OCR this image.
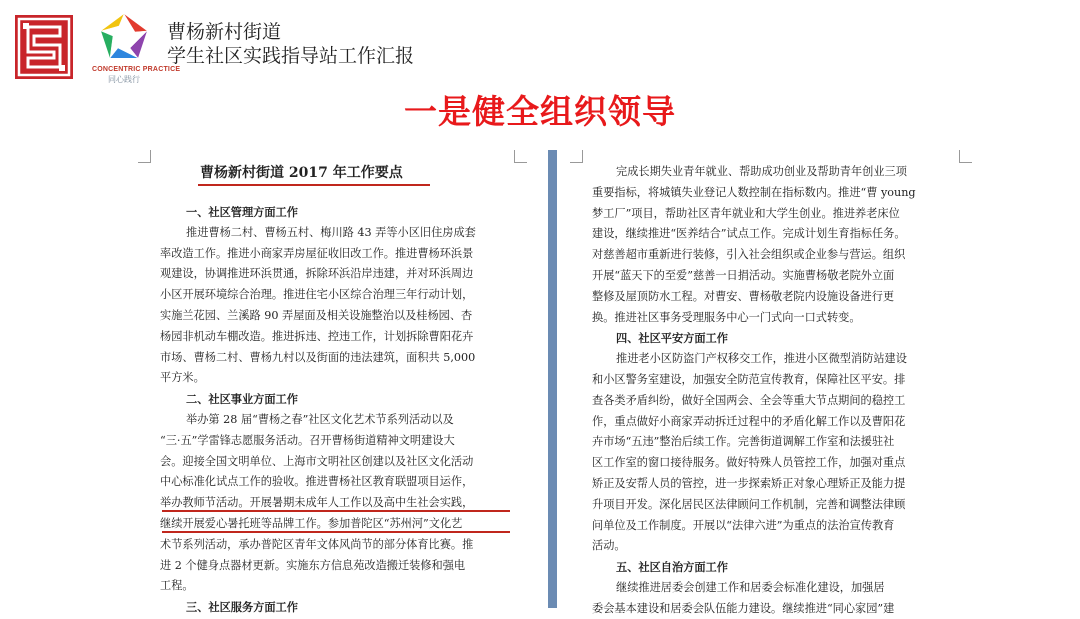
CONCENTRIC PRACTICE
同心践行
曹杨新村街道
学生社区实践指导站工作汇报
一是健全组织领导
曹杨新村街道 2017 年工作要点
一、社区管理方面工作
推进曹杨二村、曹杨五村、梅川路 43 弄等小区旧住房成套
率改造工作。推进小商家弄房屋征收旧改工作。推进曹杨环浜景
观建设，协调推进环浜贯通，拆除环浜沿岸违建，并对环浜周边
小区开展环境综合治理。推进住宅小区综合治理三年行动计划，
实施兰花园、兰溪路 90 弄屋面及相关设施整治以及桂杨园、杏
杨园非机动车棚改造。推进拆违、控违工作，计划拆除曹阳花卉
市场、曹杨二村、曹杨九村以及街面的违法建筑，面积共 5,000
平方米。
二、社区事业方面工作
举办第 28 届“曹杨之春”社区文化艺术节系列活动以及
“三·五”学雷锋志愿服务活动。召开曹杨街道精神文明建设大
会。迎接全国文明单位、上海市文明社区创建以及社区文化活动
中心标准化试点工作的验收。推进曹杨社区教育联盟项目运作，
举办教师节活动。开展暑期未成年人工作以及高中生社会实践，
继续开展爱心暑托班等品牌工作。参加普陀区“苏州河”文化艺
术节系列活动，承办普陀区青年文体风尚节的部分体育比赛。推
进 2 个健身点器材更新。实施东方信息苑改造搬迁装修和强电
工程。
三、社区服务方面工作
完成长期失业青年就业、帮助成功创业及帮助青年创业三项
重要指标，将城镇失业登记人数控制在指标数内。推进“曹 young
梦工厂”项目，帮助社区青年就业和大学生创业。推进养老床位
建设，继续推进“医养结合”试点工作。完成计划生育指标任务。
对慈善超市重新进行装修，引入社会组织或企业参与营运。组织
开展“蓝天下的至爱”慈善一日捐活动。实施曹杨敬老院外立面
整修及屋顶防水工程。对曹安、曹杨敬老院内设施设备进行更
换。推进社区事务受理服务中心一门式向一口式转变。
四、社区平安方面工作
推进老小区防盗门产权移交工作，推进小区微型消防站建设
和小区警务室建设，加强安全防范宣传教育，保障社区平安。排
查各类矛盾纠纷，做好全国两会、全会等重大节点期间的稳控工
作，重点做好小商家弄动拆迁过程中的矛盾化解工作以及曹阳花
卉市场“五违”整治后续工作。完善街道调解工作室和法援驻社
区工作室的窗口接待服务。做好特殊人员管控工作，加强对重点
矫正及安帮人员的管控，进一步探索矫正对象心理矫正及能力提
升项目开发。深化居民区法律顾问工作机制，完善和调整法律顾
问单位及工作制度。开展以“法律六进”为重点的法治宣传教育
活动。
五、社区自治方面工作
继续推进居委会创建工作和居委会标准化建设，加强居
委会基本建设和居委会队伍能力建设。继续推进“同心家园”建
